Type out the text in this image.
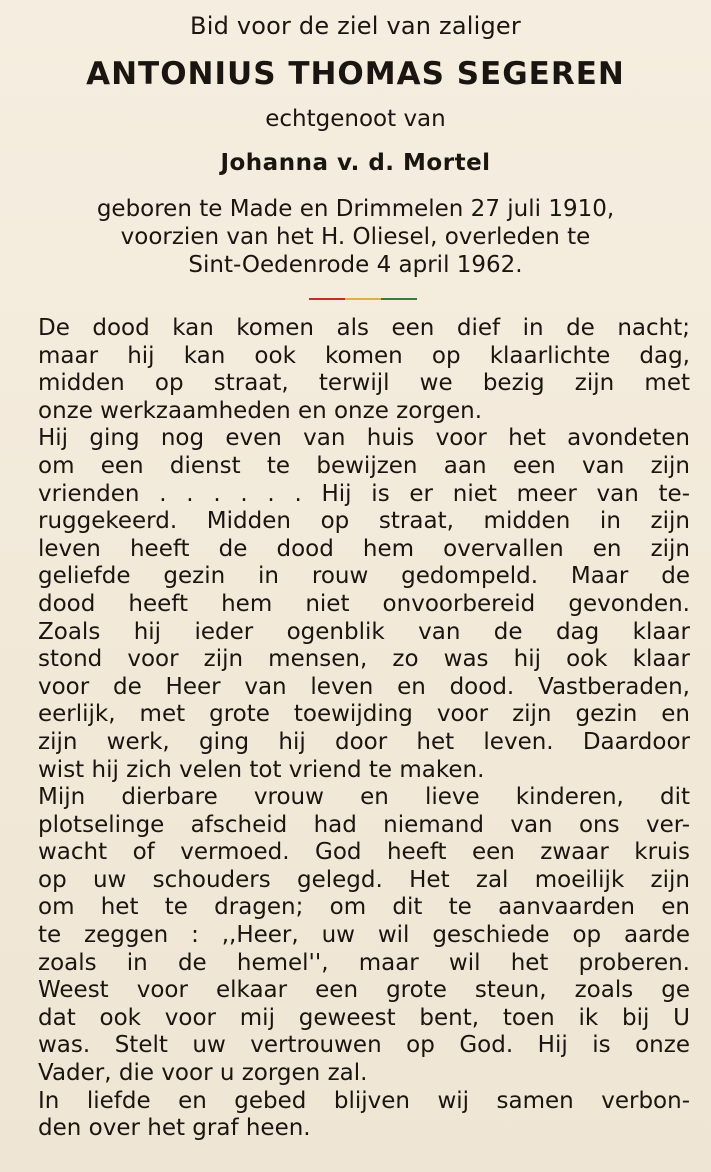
Bid voor de ziel van zaliger

ANTONIUS THOMAS SEGEREN

echtgenoot van

Johanna v. d. Mortel

geboren te Made en Drimmelen 27 juli 1910,

voorzien van het H. Oliesel, overleden te

Sint-Oedenrode 4 april 1962.

De dood kan komen als een dief in de nacht;
maar hij kan ook komen op klaarlichte dag,
midden op straat, terwijl we bezig zijn met
onze werkzaamheden en onze zorgen.
Hij ging nog even van huis voor het avondeten
om een dienst te bewijzen aan een van zijn
vrienden . . . . . . Hij is er niet meer van te-
ruggekeerd. Midden op straat, midden in zijn
leven heeft de dood hem overvallen en zijn
geliefde gezin in rouw gedompeld. Maar de
dood heeft hem niet onvoorbereid gevonden.
Zoals hij ieder ogenblik van de dag klaar
stond voor zijn mensen, zo was hij ook klaar
voor de Heer van leven en dood. Vastberaden,
eerlijk, met grote toewijding voor zijn gezin en
zijn werk, ging hij door het leven. Daardoor
wist hij zich velen tot vriend te maken.
Mijn dierbare vrouw en lieve kinderen, dit
plotselinge afscheid had niemand van ons ver-
wacht of vermoed. God heeft een zwaar kruis
op uw schouders gelegd. Het zal moeilijk zijn
om het te dragen; om dit te aanvaarden en
te zeggen : ,,Heer, uw wil geschiede op aarde
zoals in de hemel'', maar wil het proberen.
Weest voor elkaar een grote steun, zoals ge
dat ook voor mij geweest bent, toen ik bij U
was. Stelt uw vertrouwen op God. Hij is onze
Vader, die voor u zorgen zal.
In liefde en gebed blijven wij samen verbon-
den over het graf heen.
